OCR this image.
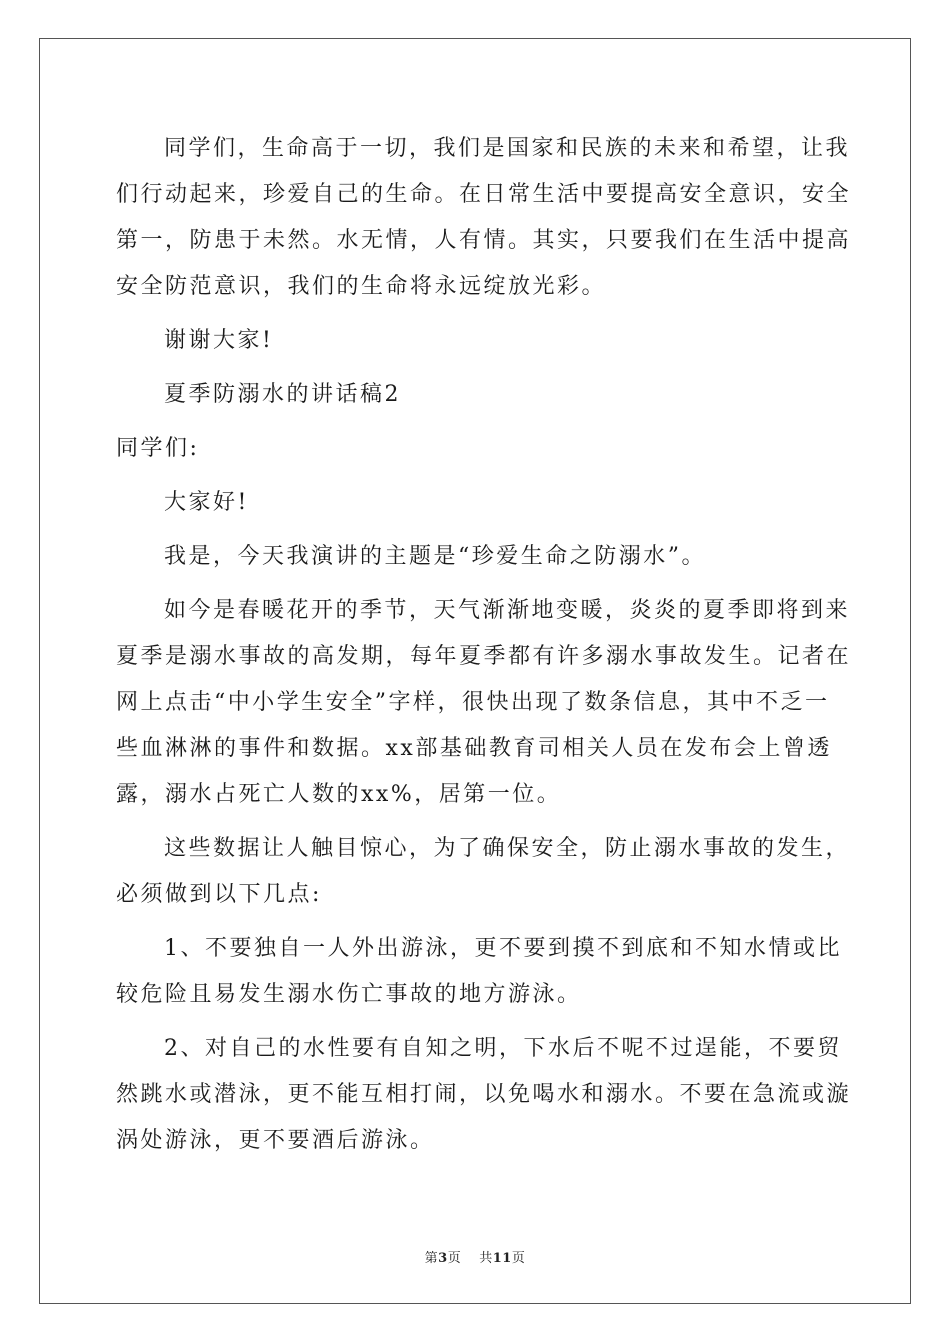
同学们，生命高于一切，我们是国家和民族的未来和希望，让我
们行动起来，珍爱自己的生命。在日常生活中要提高安全意识，安全
第一，防患于未然。水无情，人有情。其实，只要我们在生活中提高
安全防范意识，我们的生命将永远绽放光彩。
谢谢大家!
夏季防溺水的讲话稿2
同学们:
大家好!
我是，今天我演讲的主题是“珍爱生命之防溺水”。
如今是春暖花开的季节，天气渐渐地变暖，炎炎的夏季即将到来
夏季是溺水事故的高发期，每年夏季都有许多溺水事故发生。记者在
网上点击“中小学生安全”字样，很快出现了数条信息，其中不乏一
些血淋淋的事件和数据。xx部基础教育司相关人员在发布会上曾透
露，溺水占死亡人数的xx%，居第一位。
这些数据让人触目惊心，为了确保安全，防止溺水事故的发生，
必须做到以下几点:
1、不要独自一人外出游泳，更不要到摸不到底和不知水情或比
较危险且易发生溺水伤亡事故的地方游泳。
2、对自己的水性要有自知之明，下水后不呢不过逞能，不要贸
然跳水或潜泳，更不能互相打闹，以免喝水和溺水。不要在急流或漩
涡处游泳，更不要酒后游泳。
第3页 共11页
